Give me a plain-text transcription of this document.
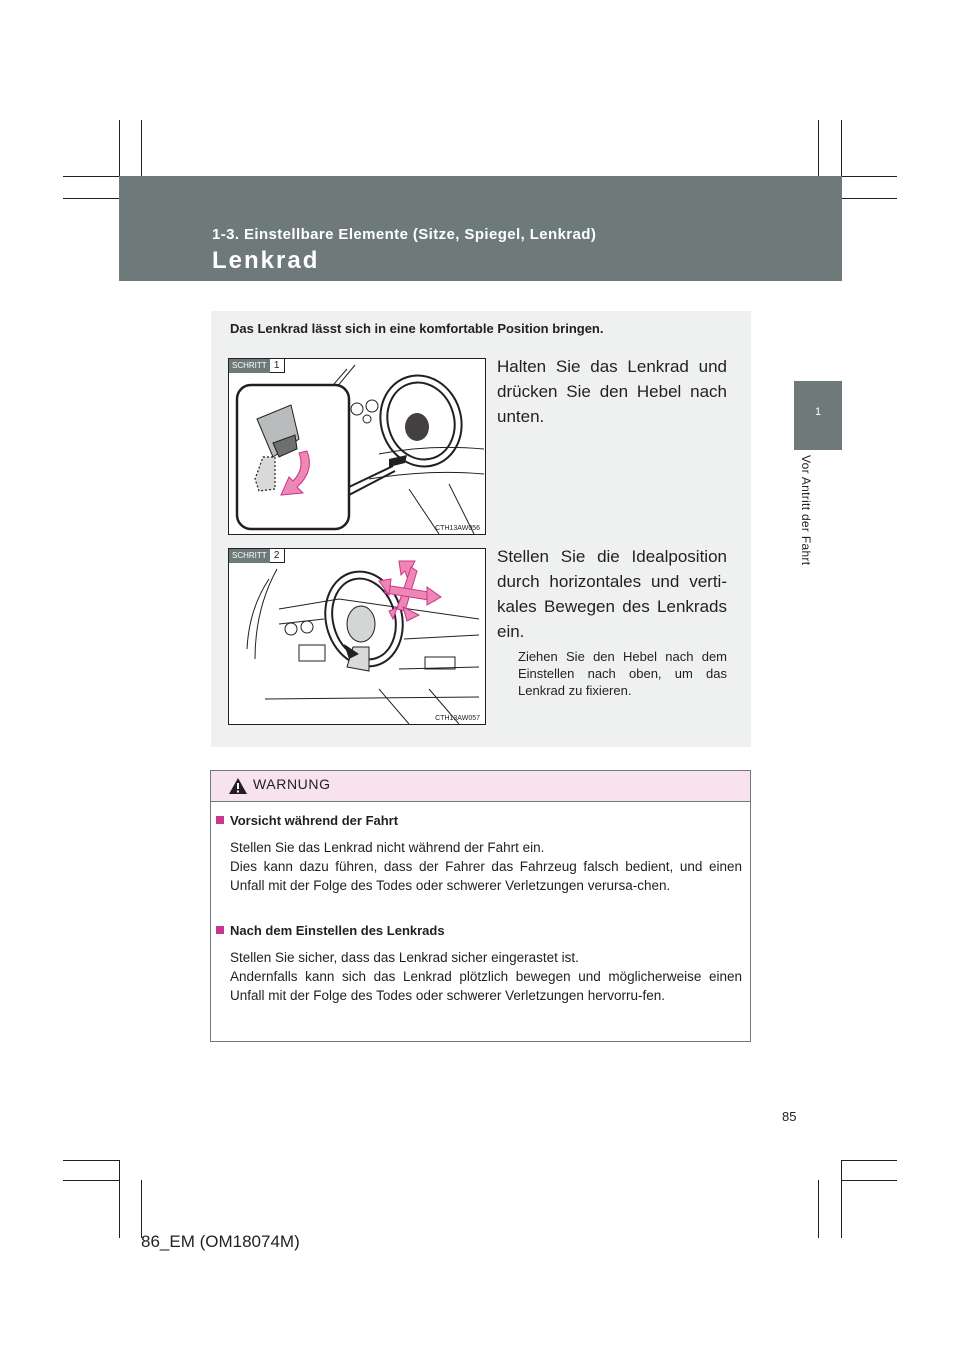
1-3. Einstellbare Elemente (Sitze, Spiegel, Lenkrad)
Lenkrad
1
Vor Antritt der Fahrt
Das Lenkrad lässt sich in eine komfortable Position bringen.
SCHRITT 1
CTH13AW056
Halten Sie das Lenkrad und drücken Sie den Hebel nach unten.
SCHRITT 2
CTH13AW057
Stellen Sie die Idealposition durch horizontales und verti-kales Bewegen des Lenkrads ein.
Ziehen Sie den Hebel nach dem Einstellen nach oben, um das Lenkrad zu fixieren.
WARNUNG
Vorsicht während der Fahrt
Stellen Sie das Lenkrad nicht während der Fahrt ein.
Dies kann dazu führen, dass der Fahrer das Fahrzeug falsch bedient, und einen Unfall mit der Folge des Todes oder schwerer Verletzungen verursa-chen.
Nach dem Einstellen des Lenkrads
Stellen Sie sicher, dass das Lenkrad sicher eingerastet ist.
Andernfalls kann sich das Lenkrad plötzlich bewegen und möglicherweise einen Unfall mit der Folge des Todes oder schwerer Verletzungen hervorru-fen.
85
86_EM (OM18074M)
